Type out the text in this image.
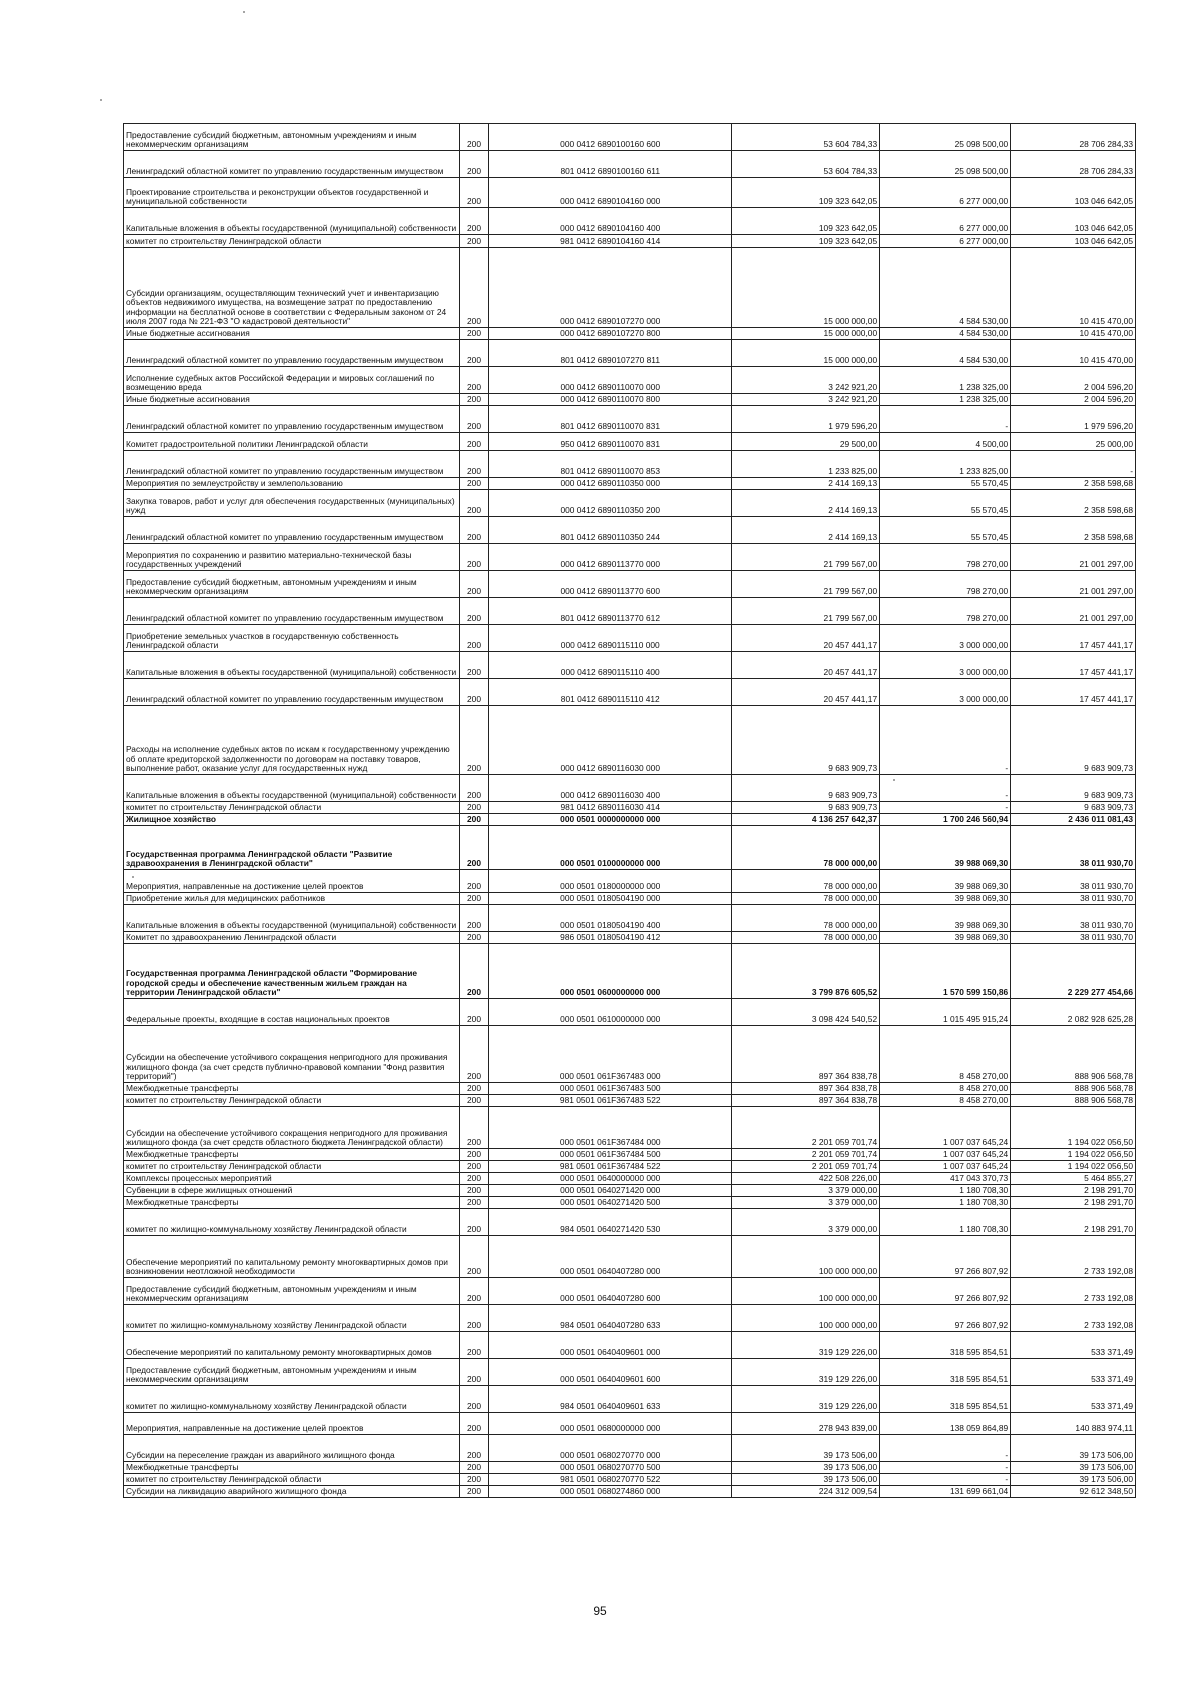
Предоставление субсидий бюджетным, автономным учреждениям и иным некоммерческим организациям	200	000 0412 6890100160 600	53 604 784,33	25 098 500,00	28 706 284,33
Ленинградский областной комитет по управлению государственным имуществом	200	801 0412 6890100160 611	53 604 784,33	25 098 500,00	28 706 284,33
Проектирование строительства и реконструкции объектов государственной и муниципальной собственности	200	000 0412 6890104160 000	109 323 642,05	6 277 000,00	103 046 642,05
Капитальные вложения в объекты государственной (муниципальной) собственности	200	000 0412 6890104160 400	109 323 642,05	6 277 000,00	103 046 642,05
комитет по строительству Ленинградской области	200	981 0412 6890104160 414	109 323 642,05	6 277 000,00	103 046 642,05
Субсидии организациям, осуществляющим технический учет и инвентаризацию объектов недвижимого имущества, на возмещение затрат по предоставлению информации на бесплатной основе в соответствии с Федеральным законом от 24 июля 2007 года № 221-ФЗ "О кадастровой деятельности"	200	000 0412 6890107270 000	15 000 000,00	4 584 530,00	10 415 470,00
Иные бюджетные ассигнования	200	000 0412 6890107270 800	15 000 000,00	4 584 530,00	10 415 470,00
Ленинградский областной комитет по управлению государственным имуществом	200	801 0412 6890107270 811	15 000 000,00	4 584 530,00	10 415 470,00
Исполнение судебных актов Российской Федерации и мировых соглашений по возмещению вреда	200	000 0412 6890110070 000	3 242 921,20	1 238 325,00	2 004 596,20
Иные бюджетные ассигнования	200	000 0412 6890110070 800	3 242 921,20	1 238 325,00	2 004 596,20
Ленинградский областной комитет по управлению государственным имуществом	200	801 0412 6890110070 831	1 979 596,20	-	1 979 596,20
Комитет градостроительной политики Ленинградской области	200	950 0412 6890110070 831	29 500,00	4 500,00	25 000,00
Ленинградский областной комитет по управлению государственным имуществом	200	801 0412 6890110070 853	1 233 825,00	1 233 825,00	-
Мероприятия по землеустройству и землепользованию	200	000 0412 6890110350 000	2 414 169,13	55 570,45	2 358 598,68
Закупка товаров, работ и услуг для обеспечения государственных (муниципальных) нужд	200	000 0412 6890110350 200	2 414 169,13	55 570,45	2 358 598,68
Ленинградский областной комитет по управлению государственным имуществом	200	801 0412 6890110350 244	2 414 169,13	55 570,45	2 358 598,68
Мероприятия по сохранению и развитию материально-технической базы государственных учреждений	200	000 0412 6890113770 000	21 799 567,00	798 270,00	21 001 297,00
Предоставление субсидий бюджетным, автономным учреждениям и иным некоммерческим организациям	200	000 0412 6890113770 600	21 799 567,00	798 270,00	21 001 297,00
Ленинградский областной комитет по управлению государственным имуществом	200	801 0412 6890113770 612	21 799 567,00	798 270,00	21 001 297,00
Приобретение земельных участков в государственную собственность Ленинградской области	200	000 0412 6890115110 000	20 457 441,17	3 000 000,00	17 457 441,17
Капитальные вложения в объекты государственной (муниципальной) собственности	200	000 0412 6890115110 400	20 457 441,17	3 000 000,00	17 457 441,17
Ленинградский областной комитет по управлению государственным имуществом	200	801 0412 6890115110 412	20 457 441,17	3 000 000,00	17 457 441,17
Расходы на исполнение судебных актов по искам к государственному учреждению об оплате кредиторской задолженности по договорам на поставку товаров, выполнение работ, оказание услуг для государственных нужд	200	000 0412 6890116030 000	9 683 909,73	-	9 683 909,73
Капитальные вложения в объекты государственной (муниципальной) собственности	200	000 0412 6890116030 400	9 683 909,73	-	9 683 909,73
комитет по строительству Ленинградской области	200	981 0412 6890116030 414	9 683 909,73	-	9 683 909,73
Жилищное хозяйство	200	000 0501 0000000000 000	4 136 257 642,37	1 700 246 560,94	2 436 011 081,43
Государственная программа Ленинградской области "Развитие здравоохранения в Ленинградской области"	200	000 0501 0100000000 000	78 000 000,00	39 988 069,30	38 011 930,70
Мероприятия, направленные на достижение целей проектов	200	000 0501 0180000000 000	78 000 000,00	39 988 069,30	38 011 930,70
Приобретение жилья для медицинских работников	200	000 0501 0180504190 000	78 000 000,00	39 988 069,30	38 011 930,70
Капитальные вложения в объекты государственной (муниципальной) собственности	200	000 0501 0180504190 400	78 000 000,00	39 988 069,30	38 011 930,70
Комитет по здравоохранению Ленинградской области	200	986 0501 0180504190 412	78 000 000,00	39 988 069,30	38 011 930,70
Государственная программа Ленинградской области "Формирование городской среды и обеспечение качественным жильем граждан на территории Ленинградской области"	200	000 0501 0600000000 000	3 799 876 605,52	1 570 599 150,86	2 229 277 454,66
Федеральные проекты, входящие в состав национальных проектов	200	000 0501 0610000000 000	3 098 424 540,52	1 015 495 915,24	2 082 928 625,28
Субсидии на обеспечение устойчивого сокращения непригодного для проживания жилищного фонда (за счет средств публично-правовой компании "Фонд развития территорий")	200	000 0501 061F367483 000	897 364 838,78	8 458 270,00	888 906 568,78
Межбюджетные трансферты	200	000 0501 061F367483 500	897 364 838,78	8 458 270,00	888 906 568,78
комитет по строительству Ленинградской области	200	981 0501 061F367483 522	897 364 838,78	8 458 270,00	888 906 568,78
Субсидии на обеспечение устойчивого сокращения непригодного для проживания жилищного фонда (за счет средств областного бюджета Ленинградской области)	200	000 0501 061F367484 000	2 201 059 701,74	1 007 037 645,24	1 194 022 056,50
Межбюджетные трансферты	200	000 0501 061F367484 500	2 201 059 701,74	1 007 037 645,24	1 194 022 056,50
комитет по строительству Ленинградской области	200	981 0501 061F367484 522	2 201 059 701,74	1 007 037 645,24	1 194 022 056,50
Комплексы процессных мероприятий	200	000 0501 0640000000 000	422 508 226,00	417 043 370,73	5 464 855,27
Субвенции в сфере жилищных отношений	200	000 0501 0640271420 000	3 379 000,00	1 180 708,30	2 198 291,70
Межбюджетные трансферты	200	000 0501 0640271420 500	3 379 000,00	1 180 708,30	2 198 291,70
комитет по жилищно-коммунальному хозяйству Ленинградской области	200	984 0501 0640271420 530	3 379 000,00	1 180 708,30	2 198 291,70
Обеспечение мероприятий по капитальному ремонту многоквартирных домов при возникновении неотложной необходимости	200	000 0501 0640407280 000	100 000 000,00	97 266 807,92	2 733 192,08
Предоставление субсидий бюджетным, автономным учреждениям и иным некоммерческим организациям	200	000 0501 0640407280 600	100 000 000,00	97 266 807,92	2 733 192,08
комитет по жилищно-коммунальному хозяйству Ленинградской области	200	984 0501 0640407280 633	100 000 000,00	97 266 807,92	2 733 192,08
Обеспечение мероприятий по капитальному ремонту многоквартирных домов	200	000 0501 0640409601 000	319 129 226,00	318 595 854,51	533 371,49
Предоставление субсидий бюджетным, автономным учреждениям и иным некоммерческим организациям	200	000 0501 0640409601 600	319 129 226,00	318 595 854,51	533 371,49
комитет по жилищно-коммунальному хозяйству Ленинградской области	200	984 0501 0640409601 633	319 129 226,00	318 595 854,51	533 371,49
Мероприятия, направленные на достижение целей проектов	200	000 0501 0680000000 000	278 943 839,00	138 059 864,89	140 883 974,11
Субсидии на переселение граждан из аварийного жилищного фонда	200	000 0501 0680270770 000	39 173 506,00	-	39 173 506,00
Межбюджетные трансферты	200	000 0501 0680270770 500	39 173 506,00	-	39 173 506,00
комитет по строительству Ленинградской области	200	981 0501 0680270770 522	39 173 506,00	-	39 173 506,00
Субсидии на ликвидацию аварийного жилищного фонда	200	000 0501 0680274860 000	224 312 009,54	131 699 661,04	92 612 348,50
95
